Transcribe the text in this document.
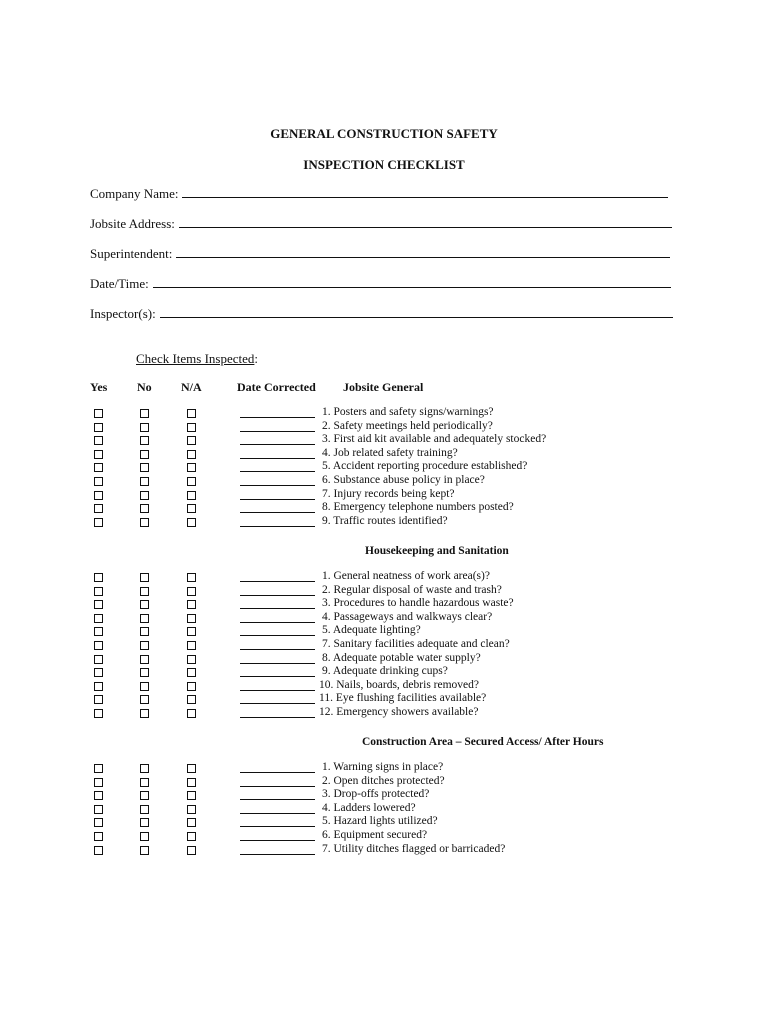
GENERAL CONSTRUCTION SAFETY
INSPECTION CHECKLIST
Company Name:
Jobsite Address:
Superintendent:
Date/Time:
Inspector(s):
Check Items Inspected:
Yes No N/A	Date Corrected Jobsite General
Housekeeping and Sanitation
Construction Area – Secured Access/ After Hours
1. Posters and safety signs/warnings?
2. Safety meetings held periodically?
3. First aid kit available and adequately stocked?
4. Job related safety training?
5. Accident reporting procedure established?
6. Substance abuse policy in place?
7. Injury records being kept?
8. Emergency telephone numbers posted?
9. Traffic routes identified?
1. General neatness of work area(s)?
2. Regular disposal of waste and trash?
3. Procedures to handle hazardous waste?
4. Passageways and walkways clear?
5. Adequate lighting?
7. Sanitary facilities adequate and clean?
8. Adequate potable water supply?
9. Adequate drinking cups?
10. Nails, boards, debris removed?
11. Eye flushing facilities available?
12. Emergency showers available?
1. Warning signs in place?
2. Open ditches protected?
3. Drop-offs protected?
4. Ladders lowered?
5. Hazard lights utilized?
6. Equipment secured?
7. Utility ditches flagged or barricaded?
